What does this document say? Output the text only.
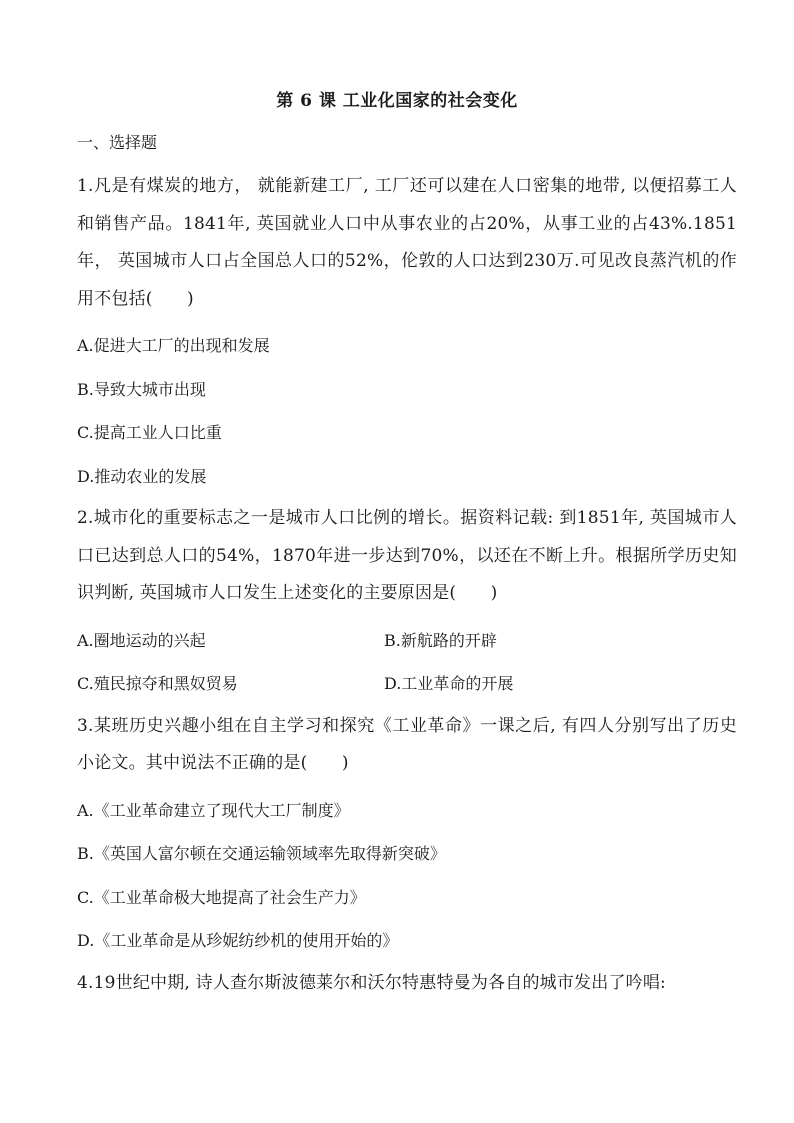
第 6 课 工业化国家的社会变化
一、选择题

1.凡是有煤炭的地方， 就能新建工厂, 工厂还可以建在人口密集的地带, 以便招募工人和销售产品。1841年, 英国就业人口中从事农业的占20%，从事工业的占43%.1851年， 英国城市人口占全国总人口的52%，伦敦的人口达到230万.可见改良蒸汽机的作用不包括(　　)

A.促进大工厂的出现和发展

B.导致大城市出现

C.提高工业人口比重

D.推动农业的发展

2.城市化的重要标志之一是城市人口比例的增长。据资料记载: 到1851年, 英国城市人口已达到总人口的54%，1870年进一步达到70%，以还在不断上升。根据所学历史知识判断, 英国城市人口发生上述变化的主要原因是(　　)

A.圈地运动的兴起	B.新航路的开辟

C.殖民掠夺和黑奴贸易	D.工业革命的开展

3.某班历史兴趣小组在自主学习和探究《工业革命》一课之后, 有四人分别写出了历史小论文。其中说法不正确的是(　　)

A.《工业革命建立了现代大工厂制度》

B.《英国人富尔顿在交通运输领域率先取得新突破》

C.《工业革命极大地提高了社会生产力》

D.《工业革命是从珍妮纺纱机的使用开始的》

4.19世纪中期, 诗人查尔斯波德莱尔和沃尔特惠特曼为各自的城市发出了吟唱:
